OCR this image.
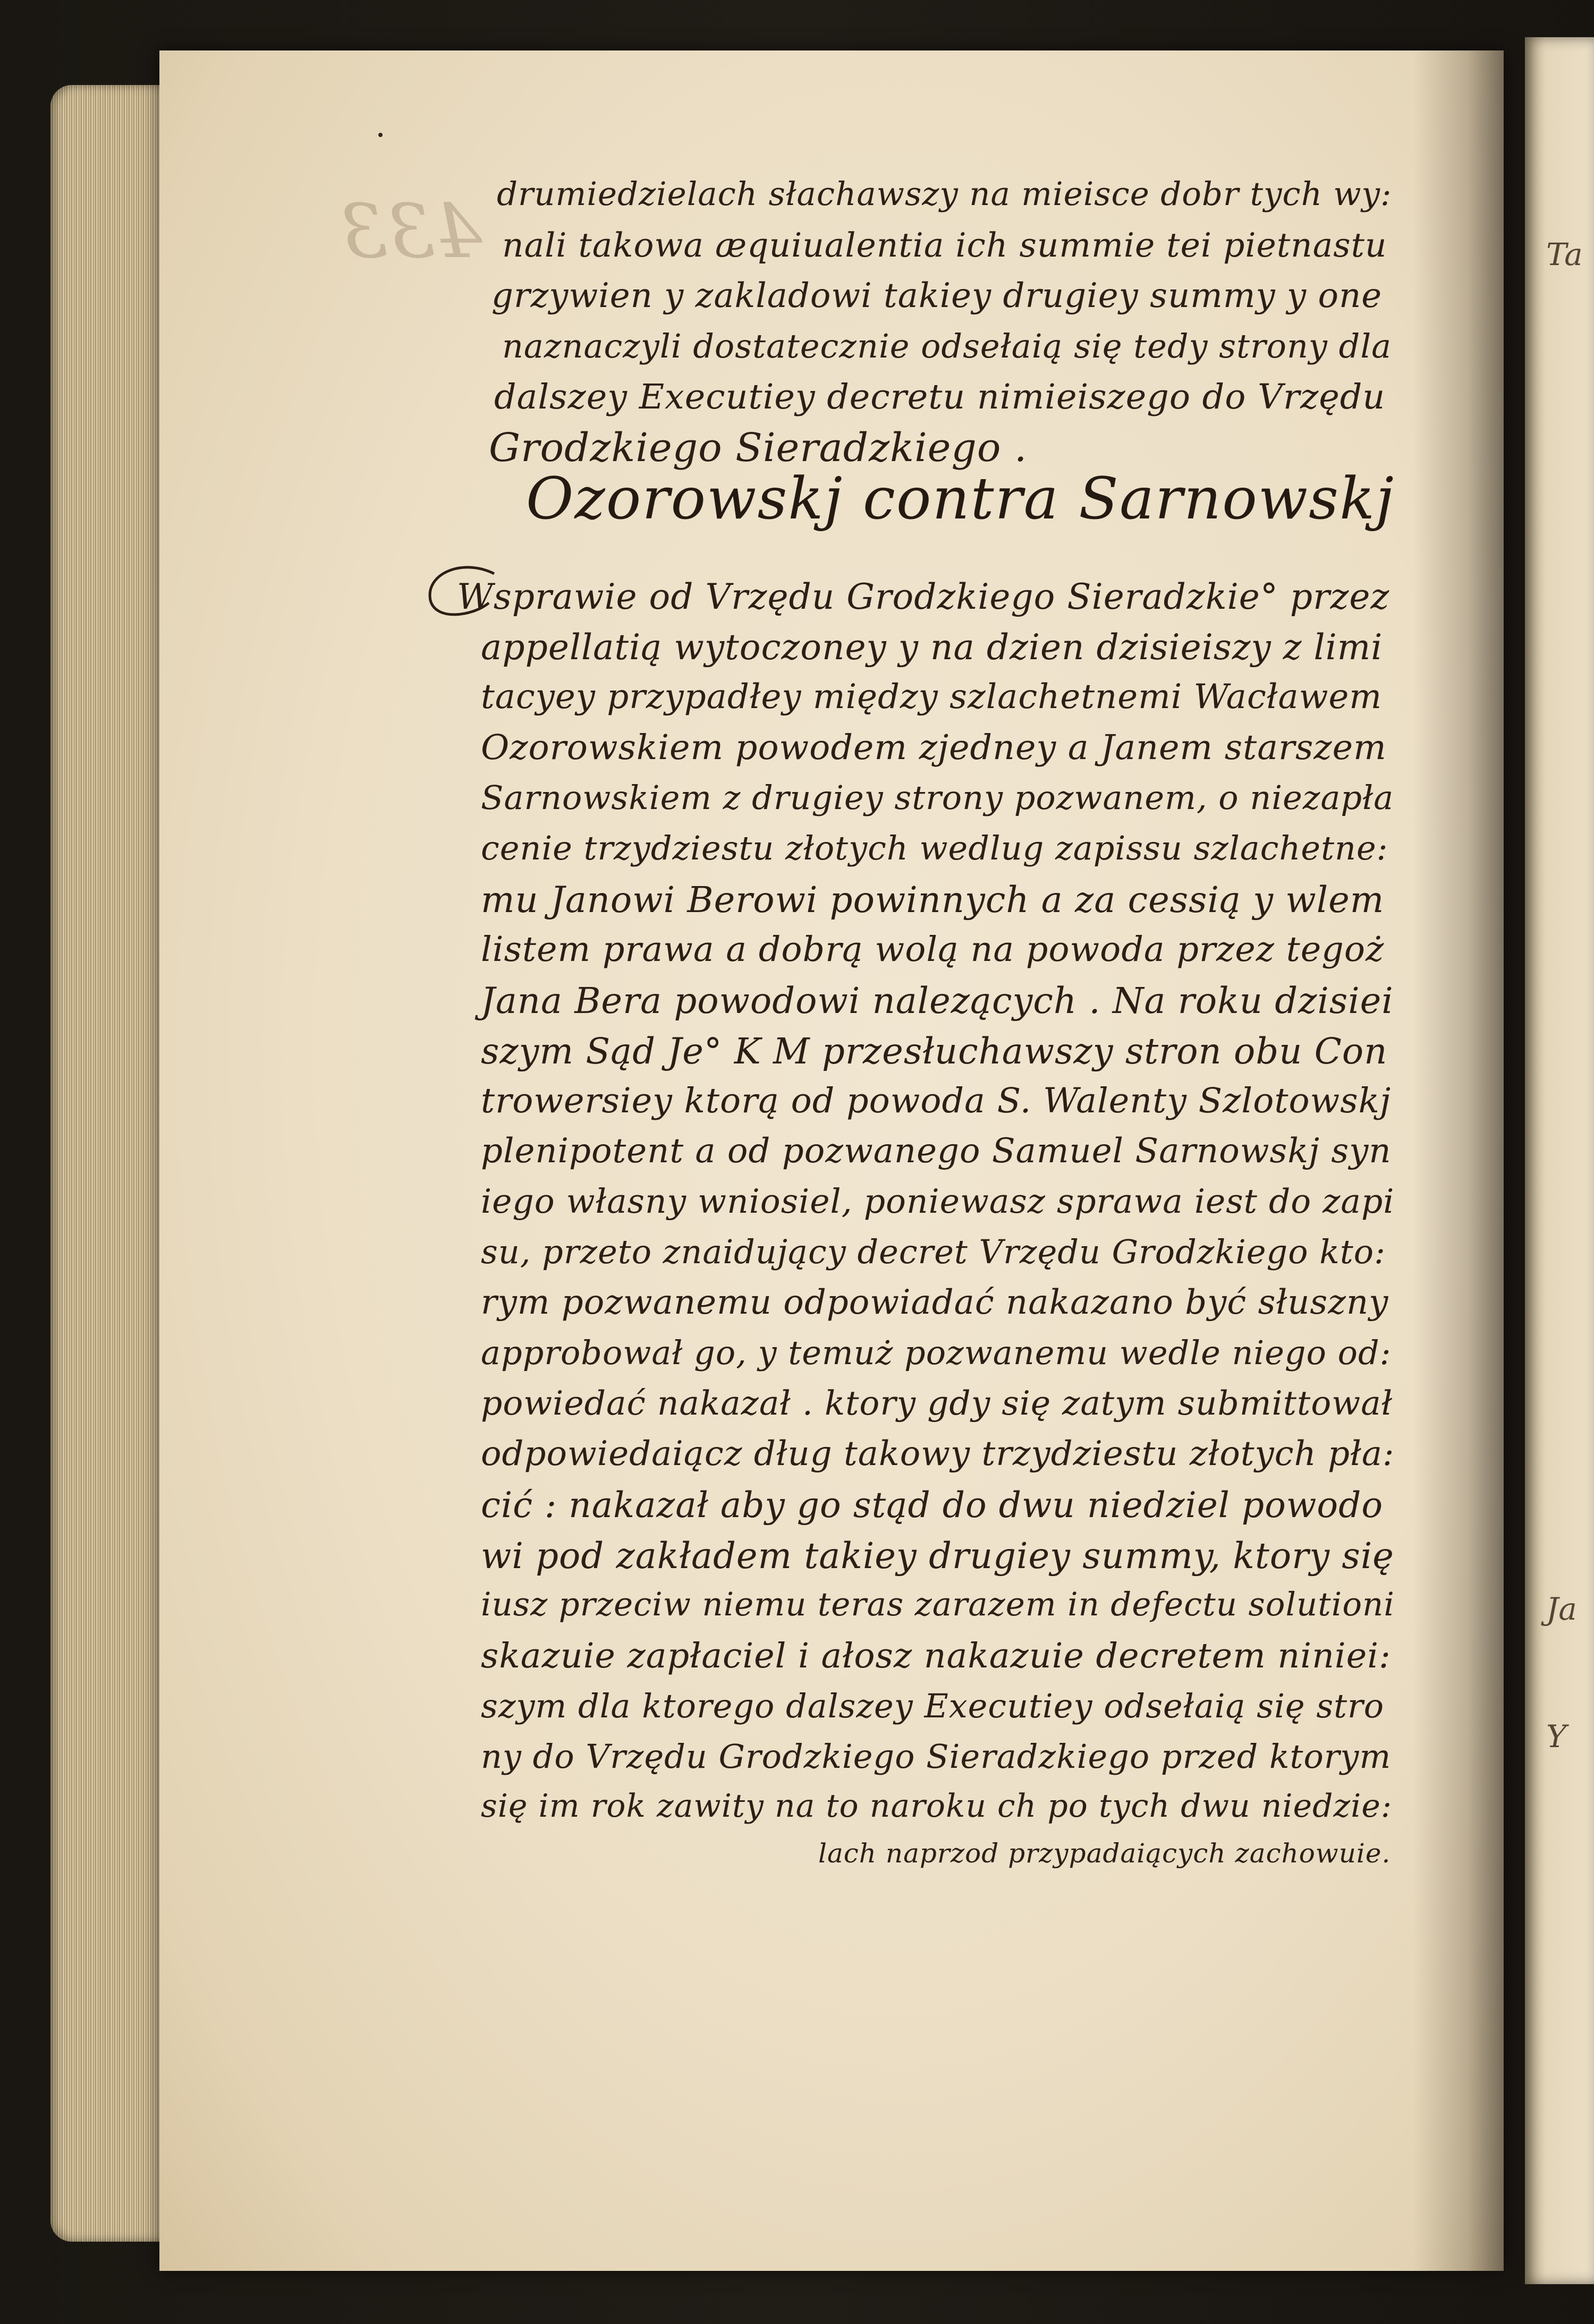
Ta
Ja
Y
433 drumiedzielach słachawszy na mieisce dobr tych wy:
nali takowa æquiualentia ich summie tei pietnastu
grzywien y zakladowi takiey drugiey summy y one
naznaczyli dostatecznie odsełaią się tedy strony dla
dalszey Executiey decretu nimieiszego do Vrzędu
Grodzkiego Sieradzkiego .
Ozorowskj contra Sarnowskj
Wsprawie od Vrzędu Grodzkiego Sieradzkie° przez
appellatią wytoczoney y na dzien dzisieiszy z limi
tacyey przypadłey między szlachetnemi Wacławem
Ozorowskiem powodem zjedney a Janem starszem
Sarnowskiem z drugiey strony pozwanem, o niezapła
cenie trzydziestu złotych wedlug zapissu szlachetne:
mu Janowi Berowi powinnych a za cessią y wlem
listem prawa a dobrą wolą na powoda przez tegoż
Jana Bera powodowi nalezących . Na roku dzisiei
szym Sąd Je° K M przesłuchawszy stron obu Con
trowersiey ktorą od powoda S. Walenty Szlotowskj
plenipotent a od pozwanego Samuel Sarnowskj syn
iego własny wniosiel, poniewasz sprawa iest do zapi
su, przeto znaidujący decret Vrzędu Grodzkiego kto:
rym pozwanemu odpowiadać nakazano być słuszny
approbował go, y temuż pozwanemu wedle niego od:
powiedać nakazał . ktory gdy się zatym submittował
odpowiedaiącz dług takowy trzydziestu złotych pła:
cić : nakazał aby go stąd do dwu niedziel powodo
wi pod zakładem takiey drugiey summy, ktory się
iusz przeciw niemu teras zarazem in defectu solutioni
skazuie zapłaciel i ałosz nakazuie decretem niniei:
szym dla ktorego dalszey Executiey odsełaią się stro
ny do Vrzędu Grodzkiego Sieradzkiego przed ktorym
się im rok zawity na to naroku ch po tych dwu niedzie:
lach naprzod przypadaiących zachowuie.
